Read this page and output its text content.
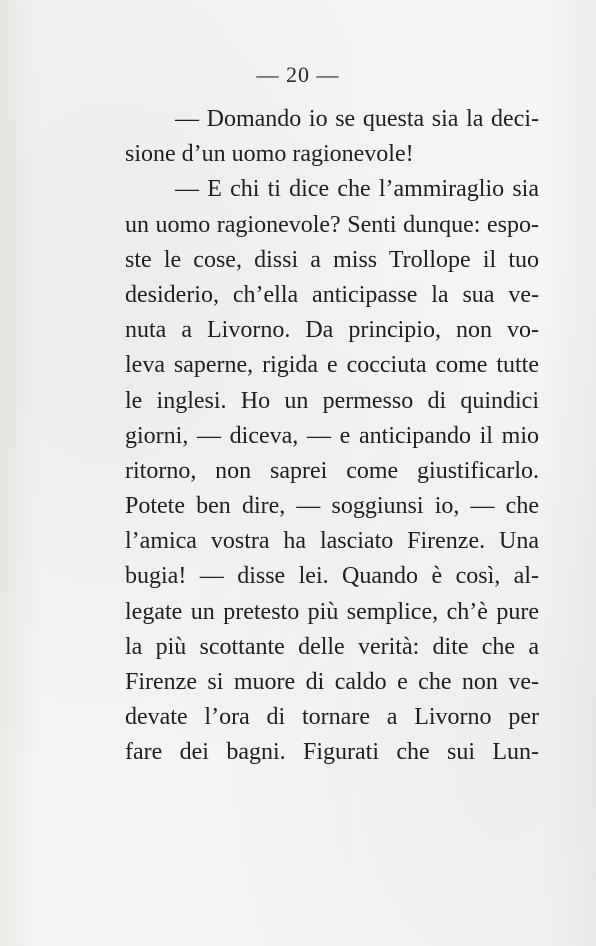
— 20 —
— Domando io se questa sia la deci-
sione d’un uomo ragionevole!
— E chi ti dice che l’ammiraglio sia
un uomo ragionevole? Senti dunque: espo-
ste le cose, dissi a miss Trollope il tuo
desiderio, ch’ella anticipasse la sua ve-
nuta a Livorno. Da principio, non vo-
leva saperne, rigida e cocciuta come tutte
le inglesi. Ho un permesso di quindici
giorni, — diceva, — e anticipando il mio
ritorno, non saprei come giustificarlo.
Potete ben dire, — soggiunsi io, — che
l’amica vostra ha lasciato Firenze. Una
bugia! — disse lei. Quando è così, al-
legate un pretesto più semplice, ch’è pure
la più scottante delle verità: dite che a
Firenze si muore di caldo e che non ve-
devate l’ora di tornare a Livorno per
fare dei bagni. Figurati che sui Lun-
